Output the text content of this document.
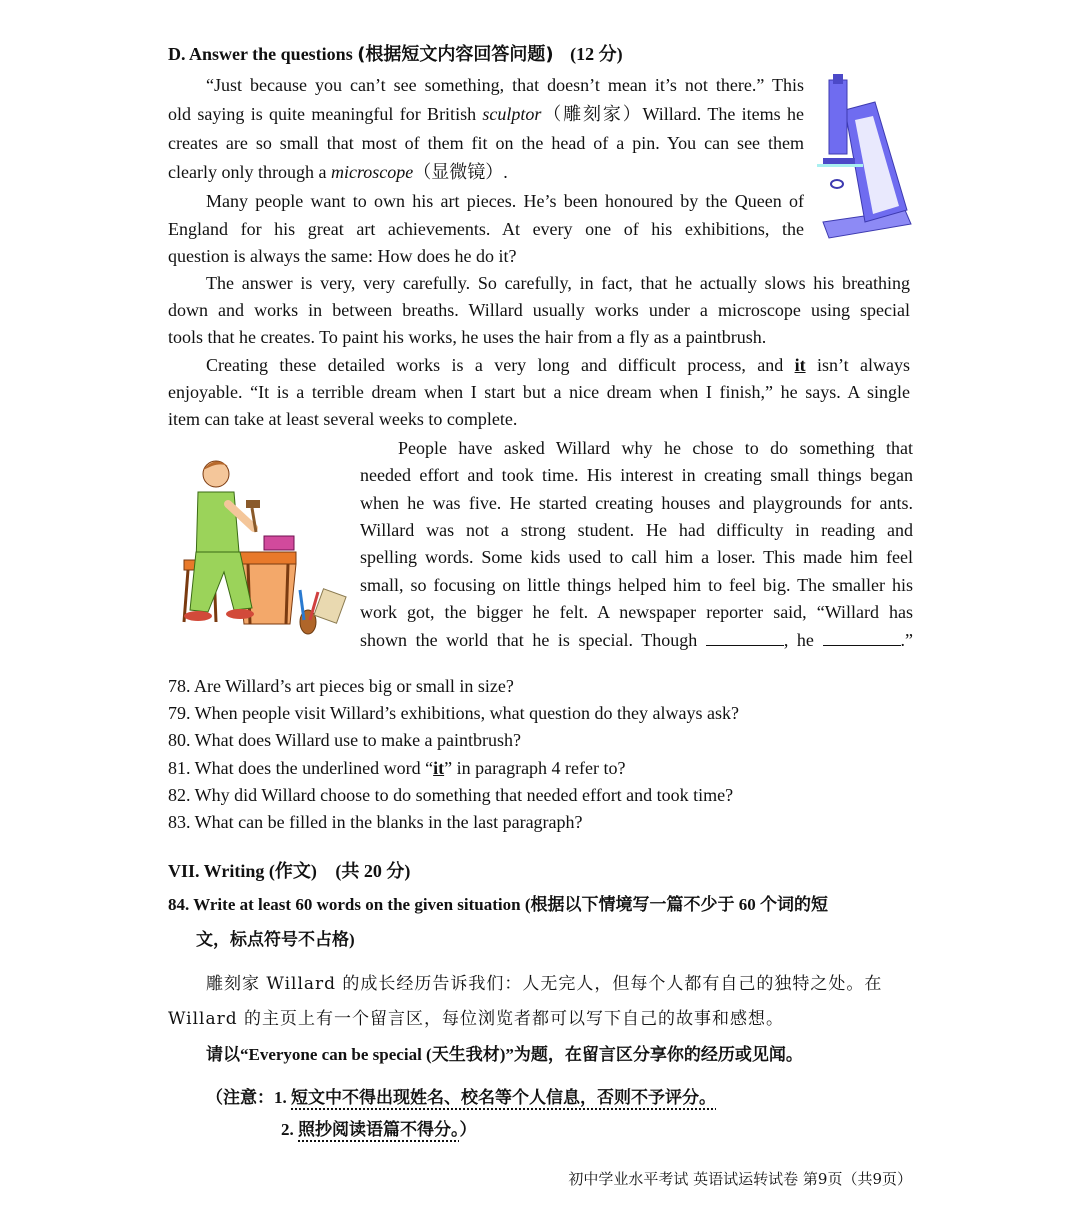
D. Answer the questions (根据短文内容回答问题) (12 分)
“Just because you can’t see something, that doesn’t mean it’s not there.” This
old saying is quite meaningful for British sculptor（雕刻家）Willard. The items he
creates are so small that most of them fit on the head of a pin. You can see them
clearly only through a microscope（显微镜）.
Many people want to own his art pieces. He’s been honoured by the Queen of
England for his great art achievements. At every one of his exhibitions, the
question is always the same: How does he do it?
The answer is very, very carefully. So carefully, in fact, that he actually slows his breathing
down and works in between breaths. Willard usually works under a microscope using special
tools that he creates. To paint his works, he uses the hair from a fly as a paintbrush.
Creating these detailed works is a very long and difficult process, and it isn’t always
enjoyable. “It is a terrible dream when I start but a nice dream when I finish,” he says. A single
item can take at least several weeks to complete.
People have asked Willard why he chose to do something that
needed effort and took time. His interest in creating small things began
when he was five. He started creating houses and playgrounds for ants.
Willard was not a strong student. He had difficulty in reading and
spelling words. Some kids used to call him a loser. This made him feel
small, so focusing on little things helped him to feel big. The smaller his
work got, the bigger he felt. A newspaper reporter said, “Willard has
shown the world that he is special. Though	, he	.”
78. Are Willard’s art pieces big or small in size?
79. When people visit Willard’s exhibitions, what question do they always ask?
80. What does Willard use to make a paintbrush?
81. What does the underlined word “it” in paragraph 4 refer to?
82. Why did Willard choose to do something that needed effort and took time?
83. What can be filled in the blanks in the last paragraph?
VII. Writing (作文) (共 20 分)
84. Write at least 60 words on the given situation (根据以下情境写一篇不少于 60 个词的短
文，标点符号不占格)
雕刻家 Willard 的成长经历告诉我们：人无完人，但每个人都有自己的独特之处。在
Willard 的主页上有一个留言区，每位浏览者都可以写下自己的故事和感想。
请以“Everyone can be special (天生我材)”为题，在留言区分享你的经历或见闻。
（注意：1. 短文中不得出现姓名、校名等个人信息，否则不予评分。
2. 照抄阅读语篇不得分。）
初中学业水平考试 英语试运转试卷 第9页（共9页）
